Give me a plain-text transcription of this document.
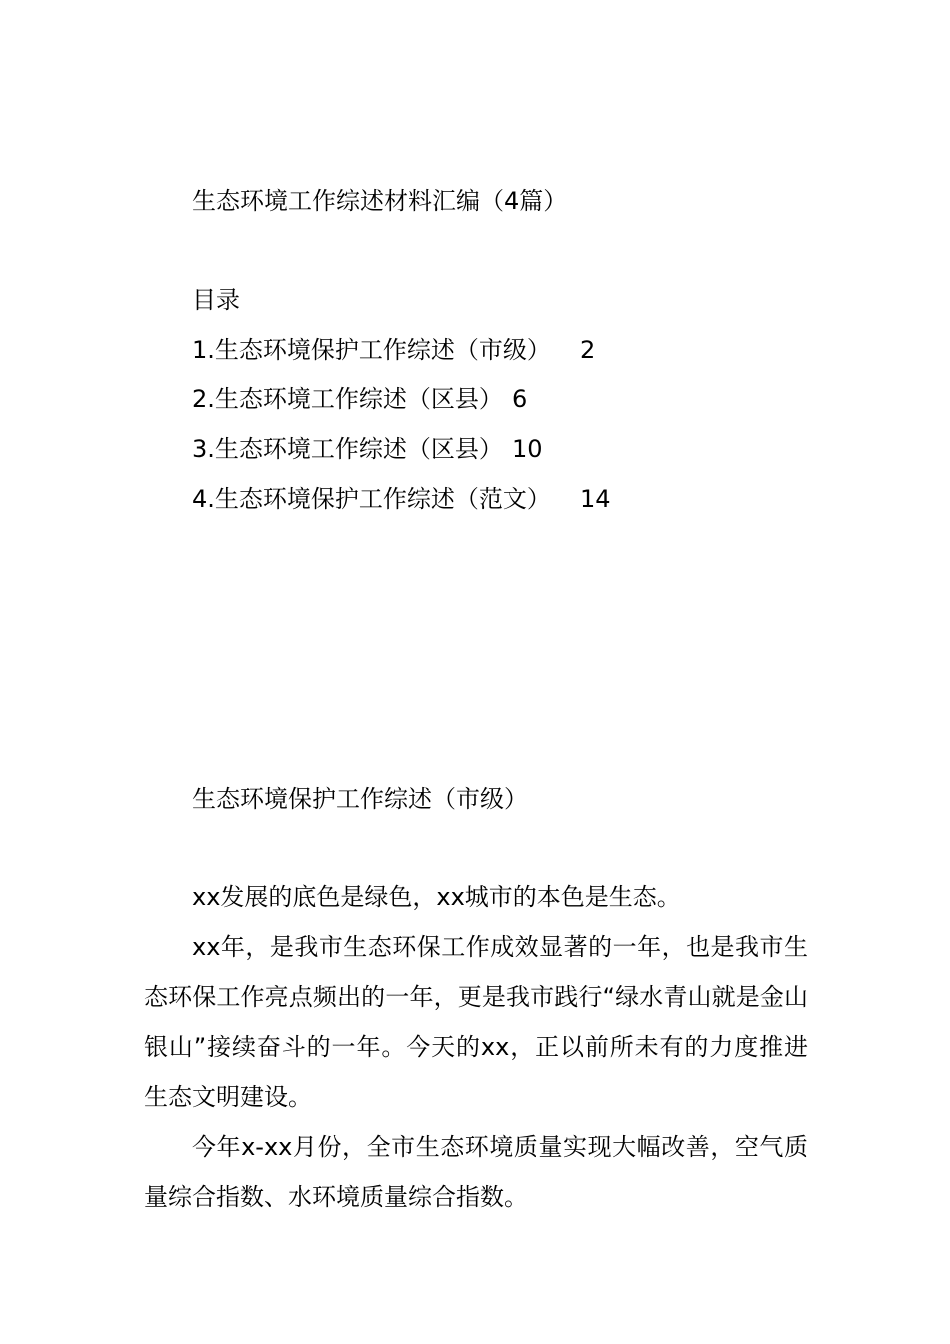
生态环境工作综述材料汇编（4篇）
目录
1.生态环境保护工作综述（市级） 2
2.生态环境工作综述（区县） 6
3.生态环境工作综述（区县） 10
4.生态环境保护工作综述（范文） 14
生态环境保护工作综述（市级）

xx发展的底色是绿色，xx城市的本色是生态。

xx年，是我市生态环保工作成效显著的一年，也是我市生态环保工作亮点频出的一年，更是我市践行“绿水青山就是金山银山”接续奋斗的一年。今天的xx，正以前所未有的力度推进生态文明建设。

今年x-xx月份，全市生态环境质量实现大幅改善，空气质量综合指数、水环境质量综合指数。
